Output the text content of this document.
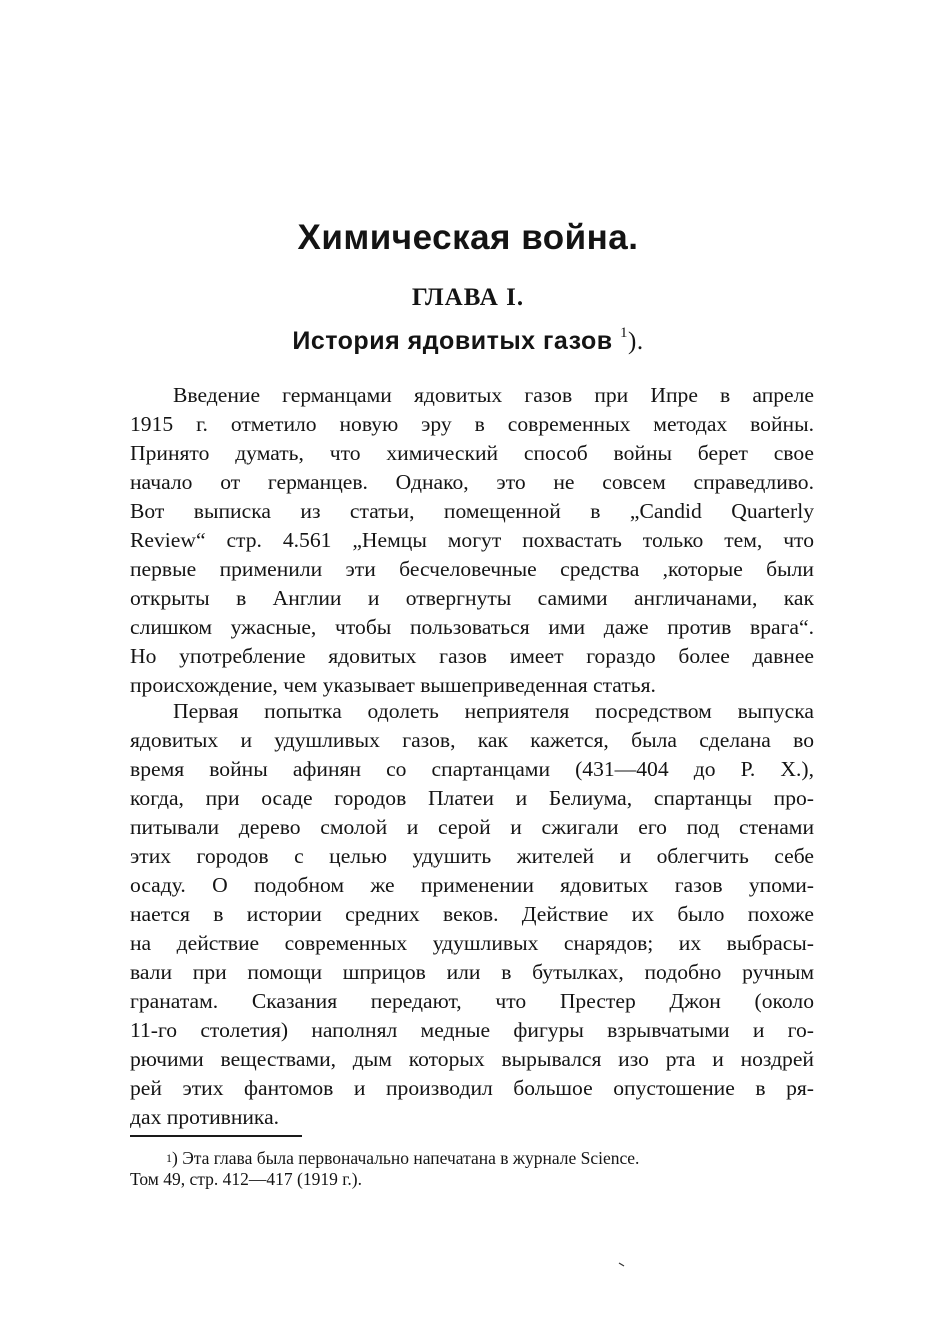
Химическая война.
ГЛАВА I.
История ядовитых газов $^1$).
Введение германцами ядовитых газов при Ипре в апреле
1915 г. отметило новую эру в современных методах войны.
Принято думать, что химический способ войны берет свое
начало от германцев. Однако, это не совсем справедливо.
Вот выписка из статьи, помещенной в „Candid Quarterly
Review“ стр. 4.561 „Немцы могут похвастать только тем, что
первые применили эти бесчеловечные средства ,которые были
открыты в Англии и отвергнуты самими англичанами, как
слишком ужасные, чтобы пользоваться ими даже против врага“.
Но употребление ядовитых газов имеет гораздо более давнее
происхождение, чем указывает вышеприведенная статья.
Первая попытка одолеть неприятеля посредством выпуска
ядовитых и удушливых газов, как кажется, была сделана во
время войны афинян со спартанцами (431—404 до Р. Х.),
когда, при осаде городов Платеи и Белиума, спартанцы про-
питывали дерево смолой и серой и сжигали его под стенами
этих городов с целью удушить жителей и облегчить себе
осаду. О подобном же применении ядовитых газов упоми-
нается в истории средних веков. Действие их было похоже
на действие современных удушливых снарядов; их выбрасы-
вали при помощи шприцов или в бутылках, подобно ручным
гранатам. Сказания передают, что Престер Джон (около
11-го столетия) наполнял медные фигуры взрывчатыми и го-
рючими веществами, дым которых вырывался изо рта и ноздрей
рей этих фантомов и производил большое опустошение в ря-
дах противника.
$^1$) Эта глава была первоначально напечатана в журнале Science.
Том 49, стр. 412—417 (1919 г.).
